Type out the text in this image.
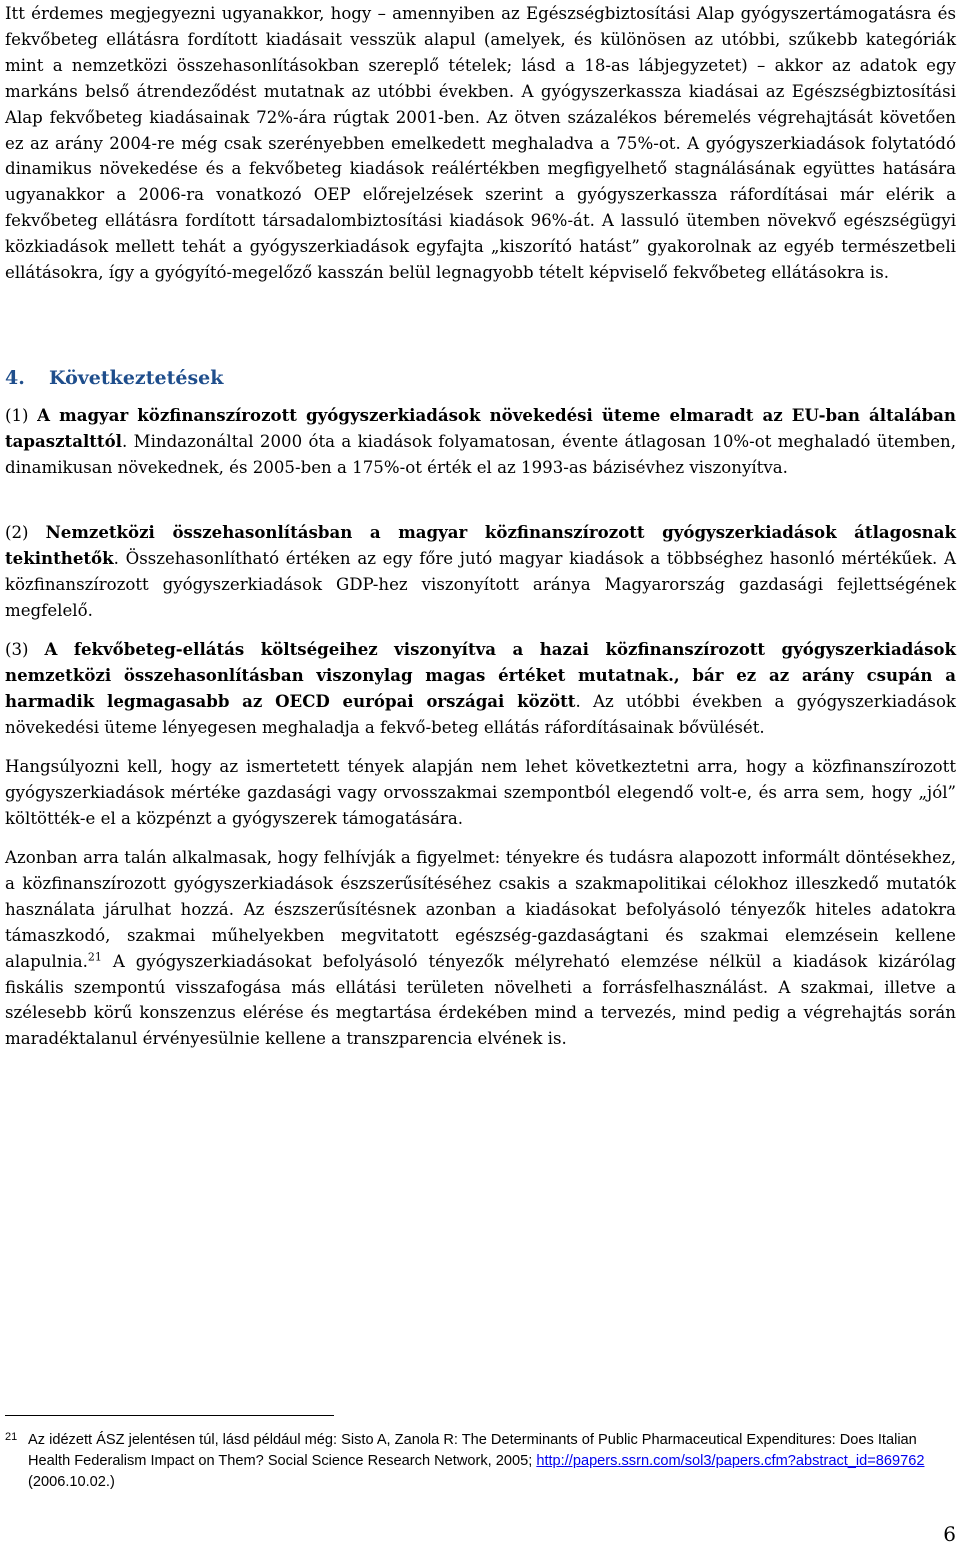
Itt érdemes megjegyezni ugyanakkor, hogy – amennyiben az Egészségbiztosítási Alap gyógyszertámogatásra és fekvőbeteg ellátásra fordított kiadásait vesszük alapul (amelyek, és különösen az utóbbi, szűkebb kategóriák mint a nemzetközi összehasonlításokban szereplő tételek; lásd a 18-as lábjegyzetet) – akkor az adatok egy markáns belső átrendeződést mutatnak az utóbbi években. A gyógyszerkassza kiadásai az Egészségbiztosítási Alap fekvőbeteg kiadásainak 72%-ára rúgtak 2001-ben. Az ötven százalékos béremelés végrehajtását követően ez az arány 2004-re még csak szerényebben emelkedett meghaladva a 75%-ot. A gyógyszerkiadások folytatódó dinamikus növekedése és a fekvőbeteg kiadások reálértékben megfigyelhető stagnálásának együttes hatására ugyanakkor a 2006-ra vonatkozó OEP előrejelzések szerint a gyógyszerkassza ráfordításai már elérik a fekvőbeteg ellátásra fordított társadalombiztosítási kiadások 96%-át. A lassuló ütemben növekvő egészségügyi közkiadások mellett tehát a gyógyszerkiadások egyfajta „kiszorító hatást” gyakorolnak az egyéb természetbeli ellátásokra, így a gyógyító-megelőző kasszán belül legnagyobb tételt képviselő fekvőbeteg ellátásokra is.

4. Következtetések

(1) A magyar közfinanszírozott gyógyszerkiadások növekedési üteme elmaradt az EU-ban általában tapasztalttól. Mindazonáltal 2000 óta a kiadások folyamatosan, évente átlagosan 10%-ot meghaladó ütemben, dinamikusan növekednek, és 2005-ben a 175%-ot érték el az 1993-as bázisévhez viszonyítva.

(2) Nemzetközi összehasonlításban a magyar közfinanszírozott gyógyszerkiadások átlagosnak tekinthetők. Összehasonlítható értéken az egy főre jutó magyar kiadások a többséghez hasonló mértékűek. A közfinanszírozott gyógyszerkiadások GDP-hez viszonyított aránya Magyarország gazdasági fejlettségének megfelelő.

(3) A fekvőbeteg-ellátás költségeihez viszonyítva a hazai közfinanszírozott gyógyszerkiadások nemzetközi összehasonlításban viszonylag magas értéket mutatnak., bár ez az arány csupán a harmadik legmagasabb az OECD európai országai között. Az utóbbi években a gyógyszerkiadások növekedési üteme lényegesen meghaladja a fekvő-beteg ellátás ráfordításainak bővülését.

Hangsúlyozni kell, hogy az ismertetett tények alapján nem lehet következtetni arra, hogy a közfinanszírozott gyógyszerkiadások mértéke gazdasági vagy orvosszakmai szempontból elegendő volt-e, és arra sem, hogy „jól” költötték-e el a közpénzt a gyógyszerek támogatására.

Azonban arra talán alkalmasak, hogy felhívják a figyelmet: tényekre és tudásra alapozott informált döntésekhez, a közfinanszírozott gyógyszerkiadások észszerűsítéséhez csakis a szakmapolitikai célokhoz illeszkedő mutatók használata járulhat hozzá. Az észszerűsítésnek azonban a kiadásokat befolyásoló tényezők hiteles adatokra támaszkodó, szakmai műhelyekben megvitatott egészség-gazdaságtani és szakmai elemzésein kellene alapulnia.$^{21}$ A gyógyszerkiadásokat befolyásoló tényezők mélyreható elemzése nélkül a kiadások kizárólag fiskális szempontú visszafogása más ellátási területen növelheti a forrásfelhasználást. A szakmai, illetve a szélesebb körű konszenzus elérése és megtartása érdekében mind a tervezés, mind pedig a végrehajtás során maradéktalanul érvényesülnie kellene a transzparencia elvének is.

21 Az idézett ÁSZ jelentésen túl, lásd például még: Sisto A, Zanola R: The Determinants of Public Pharmaceutical Expenditures: Does Italian Health Federalism Impact on Them? Social Science Research Network, 2005; http://papers.ssrn.com/sol3/papers.cfm?abstract_id=869762 (2006.10.02.)
6
